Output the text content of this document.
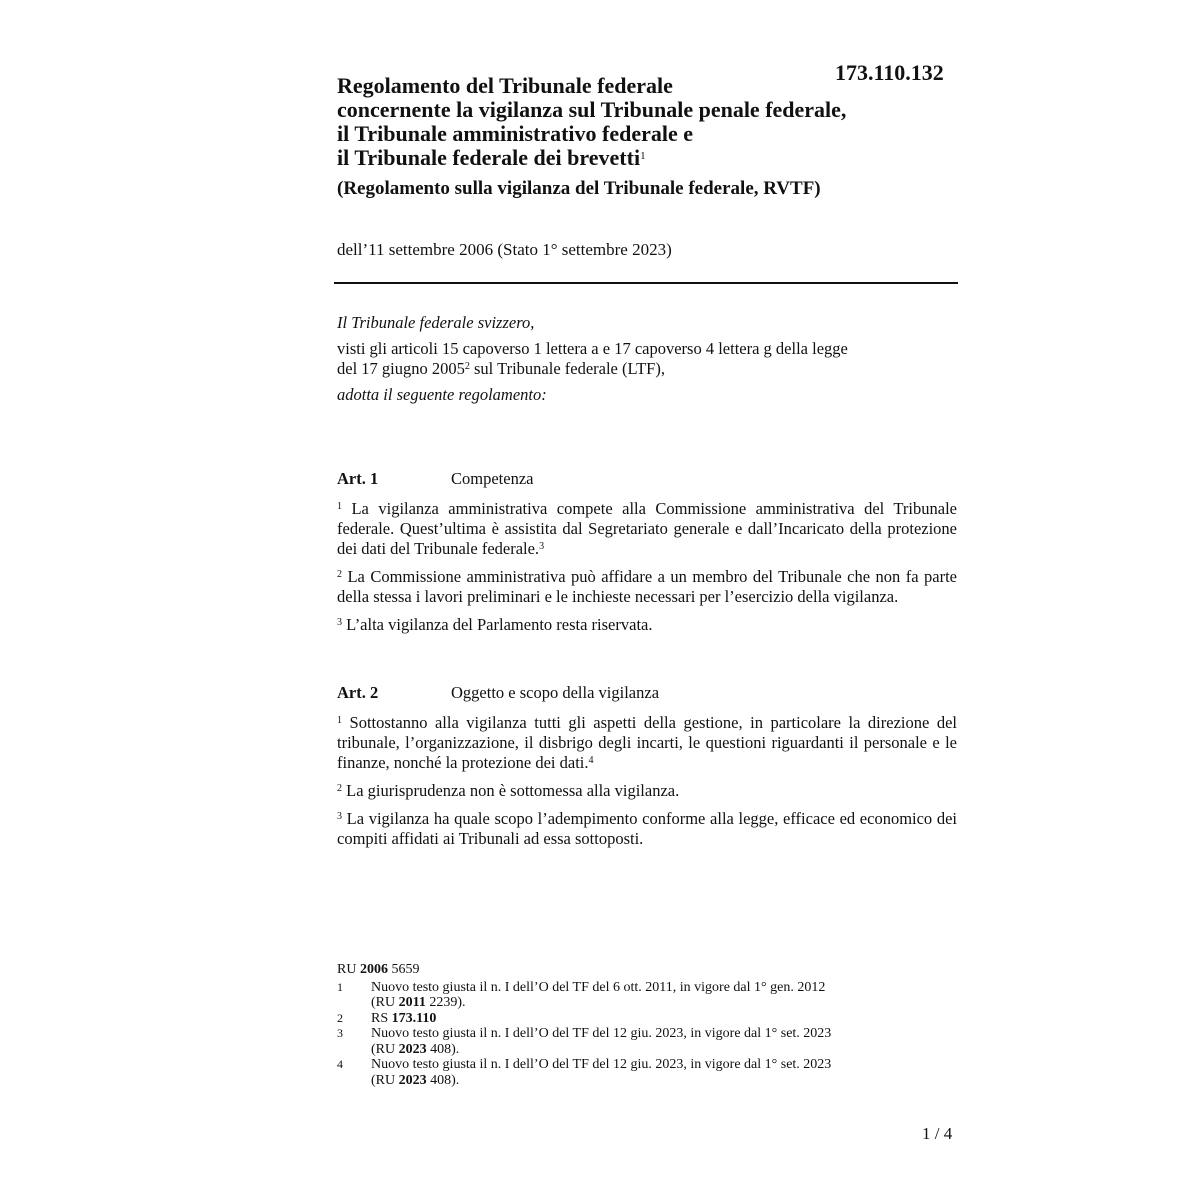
173.110.132
Regolamento del Tribunale federale
concernente la vigilanza sul Tribunale penale federale,
il Tribunale amministrativo federale e
il Tribunale federale dei brevetti$^1$
(Regolamento sulla vigilanza del Tribunale federale, RVTF)
dell’11 settembre 2006 (Stato 1° settembre 2023)
Il Tribunale federale svizzero,
visti gli articoli 15 capoverso 1 lettera a e 17 capoverso 4 lettera g della legge
del 17 giugno 2005$^2$ sul Tribunale federale (LTF),
adotta il seguente regolamento:
Art. 1	Competenza
$^1$ La vigilanza amministrativa compete alla Commissione amministrativa del Tribunale federale. Quest’ultima è assistita dal Segretariato generale e dall’Incaricato della protezione dei dati del Tribunale federale.$^3$
$^2$ La Commissione amministrativa può affidare a un membro del Tribunale che non fa parte della stessa i lavori preliminari e le inchieste necessari per l’esercizio della vigilanza.
$^3$ L’alta vigilanza del Parlamento resta riservata.
Art. 2	Oggetto e scopo della vigilanza
$^1$ Sottostanno alla vigilanza tutti gli aspetti della gestione, in particolare la direzione del tribunale, l’organizzazione, il disbrigo degli incarti, le questioni riguardanti il personale e le finanze, nonché la protezione dei dati.$^4$
$^2$ La giurisprudenza non è sottomessa alla vigilanza.
$^3$ La vigilanza ha quale scopo l’adempimento conforme alla legge, efficace ed economico dei compiti affidati ai Tribunali ad essa sottoposti.
RU 2006 5659
1	Nuovo testo giusta il n. I dell’O del TF del 6 ott. 2011, in vigore dal 1° gen. 2012
(RU 2011 2239).
2	RS 173.110
3	Nuovo testo giusta il n. I dell’O del TF del 12 giu. 2023, in vigore dal 1° set. 2023
(RU 2023 408).
4	Nuovo testo giusta il n. I dell’O del TF del 12 giu. 2023, in vigore dal 1° set. 2023
(RU 2023 408).
1 / 4
